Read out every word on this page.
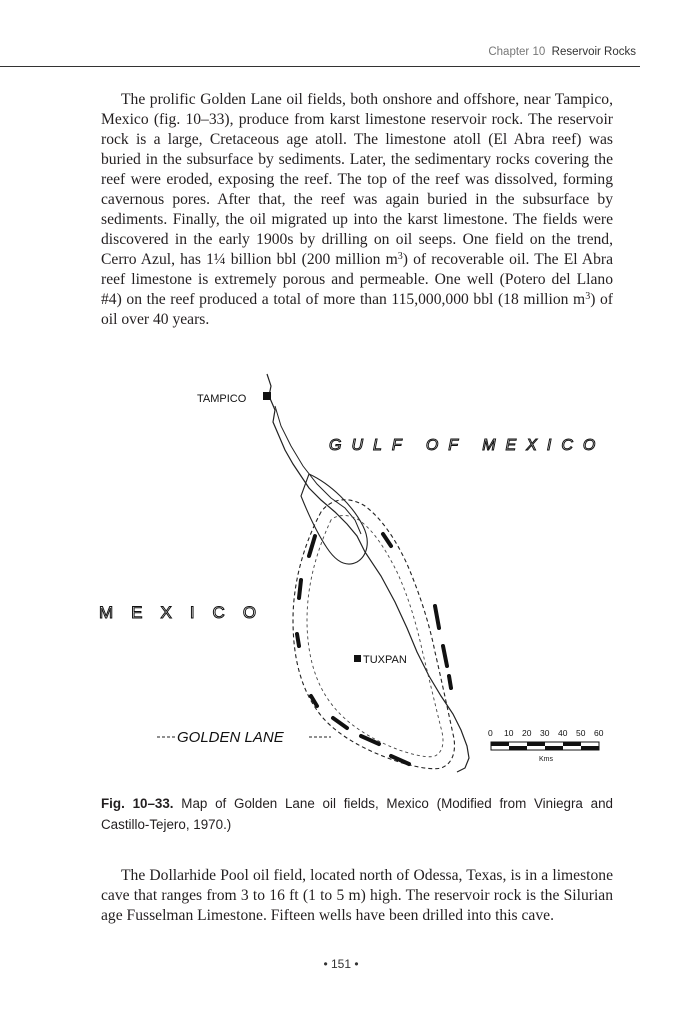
Chapter 10 Reservoir Rocks
The prolific Golden Lane oil fields, both onshore and offshore, near Tampico, Mexico (fig. 10–33), produce from karst limestone reservoir rock. The reservoir rock is a large, Cretaceous age atoll. The limestone atoll (El Abra reef) was buried in the subsurface by sediments. Later, the sedimentary rocks covering the reef were eroded, exposing the reef. The top of the reef was dissolved, forming cavernous pores. After that, the reef was again buried in the subsurface by sediments. Finally, the oil migrated up into the karst limestone. The fields were discovered in the early 1900s by drilling on oil seeps. One field on the trend, Cerro Azul, has 1¼ billion bbl (200 million $m^3$) of recoverable oil. The El Abra reef limestone is extremely porous and permeable. One well (Potero del Llano #4) on the reef produced a total of more than 115,000,000 bbl (18 million $m^3$) of oil over 40 years.
TAMPICO
GULF OF MEXICO
MEXICO
TUXPAN
GOLDEN LANE	0 10 20 30 40 50 60
Kms
Fig. 10–33. Map of Golden Lane oil fields, Mexico (Modified from Viniegra and Castillo-Tejero, 1970.)
The Dollarhide Pool oil field, located north of Odessa, Texas, is in a limestone cave that ranges from 3 to 16 ft (1 to 5 m) high. The reservoir rock is the Silurian age Fusselman Limestone. Fifteen wells have been drilled into this cave.
• 151 •
